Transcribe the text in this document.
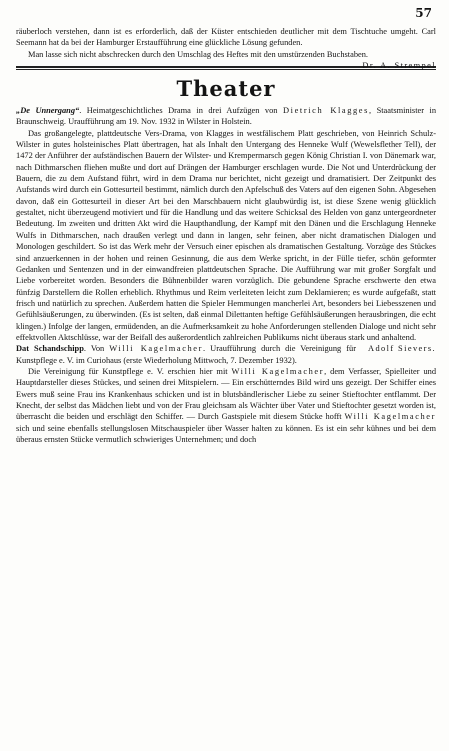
57

räuberloch verstehen, dann ist es erforderlich, daß der Küster entschieden deutlicher mit dem Tischtuche umgeht. Carl Seemann hat da bei der Hamburger Erstaufführung eine glückliche Lösung gefunden.

Man lasse sich nicht abschrecken durch den Umschlag des Heftes mit den umstürzenden Buchstaben.
Dr. A. Strempel

Theater

„De Unnergang“. Heimatgeschichtliches Drama in drei Aufzügen von Dietrich Klagges, Staatsminister in Braunschweig. Uraufführung am 19. Nov. 1932 in Wilster in Holstein.

Das großangelegte, plattdeutsche Vers-Drama, von Klagges in westfälischem Platt geschrieben, von Heinrich Schulz-Wilster in gutes holsteinisches Platt übertragen, hat als Inhalt den Untergang des Henneke Wulf (Wewelsflether Tell), der 1472 der Anführer der aufständischen Bauern der Wilster- und Krempermarsch gegen König Christian I. von Dänemark war, nach Dithmarschen fliehen mußte und dort auf Drängen der Hamburger erschlagen wurde. Die Not und Unterdrückung der Bauern, die zu dem Aufstand führt, wird in dem Drama nur berichtet, nicht gezeigt und dramatisiert. Der Zeitpunkt des Aufstands wird durch ein Gottesurteil bestimmt, nämlich durch den Apfelschuß des Vaters auf den eigenen Sohn. Abgesehen davon, daß ein Gottesurteil in dieser Art bei den Marschbauern nicht glaubwürdig ist, ist diese Szene wenig glücklich gestaltet, nicht überzeugend motiviert und für die Handlung und das weitere Schicksal des Helden von ganz untergeordneter Bedeutung. Im zweiten und dritten Akt wird die Haupthandlung, der Kampf mit den Dänen und die Erschlagung Henneke Wulfs in Dithmarschen, nach draußen verlegt und dann in langen, sehr feinen, aber nicht dramatischen Dialogen und Monologen geschildert. So ist das Werk mehr der Versuch einer epischen als dramatischen Gestaltung. Vorzüge des Stückes sind anzuerkennen in der hohen und reinen Gesinnung, die aus dem Werke spricht, in der Fülle tiefer, schön geformter Gedanken und Sentenzen und in der einwandfreien plattdeutschen Sprache. Die Aufführung war mit großer Sorgfalt und Liebe vorbereitet worden. Besonders die Bühnenbilder waren vorzüglich. Die gebundene Sprache erschwerte den etwa fünfzig Darstellern die Rollen erheblich. Rhythmus und Reim verleiteten leicht zum Deklamieren; es wurde aufgefaßt, statt frisch und natürlich zu sprechen. Außerdem hatten die Spieler Hemmungen mancherlei Art, besonders bei Liebesszenen und Gefühlsäußerungen, zu überwinden. (Es ist selten, daß einmal Dilettanten heftige Gefühlsäußerungen herausbringen, die echt klingen.) Infolge der langen, ermüdenden, an die Aufmerksamkeit zu hohe Anforderungen stellenden Dialoge und nicht sehr effektvollen Aktschlüsse, war der Beifall des außerordentlich zahlreichen Publikums nicht überaus stark und anhaltend.
Adolf Sievers.

Dat Schandschipp. Von Willi Kagelmacher. Uraufführung durch die Vereinigung für Kunstpflege e. V. im Curiohaus (erste Wiederholung Mittwoch, 7. Dezember 1932).

Die Vereinigung für Kunstpflege e. V. erschien hier mit Willi Kagelmacher, dem Verfasser, Spielleiter und Hauptdarsteller dieses Stückes, und seinen drei Mitspielern. — Ein erschütterndes Bild wird uns gezeigt. Der Schiffer eines Ewers muß seine Frau ins Krankenhaus schicken und ist in blutsbändlerischer Liebe zu seiner Stieftochter entflammt. Der Knecht, der selbst das Mädchen liebt und von der Frau gleichsam als Wächter über Vater und Stieftochter gesetzt worden ist, überrascht die beiden und erschlägt den Schiffer. — Durch Gastspiele mit diesem Stücke hofft Willi Kagelmacher sich und seine ebenfalls stellungslosen Mitschauspieler über Wasser halten zu können. Es ist ein sehr kühnes und bei dem überaus ernsten Stücke vermutlich schwieriges Unternehmen; und doch
